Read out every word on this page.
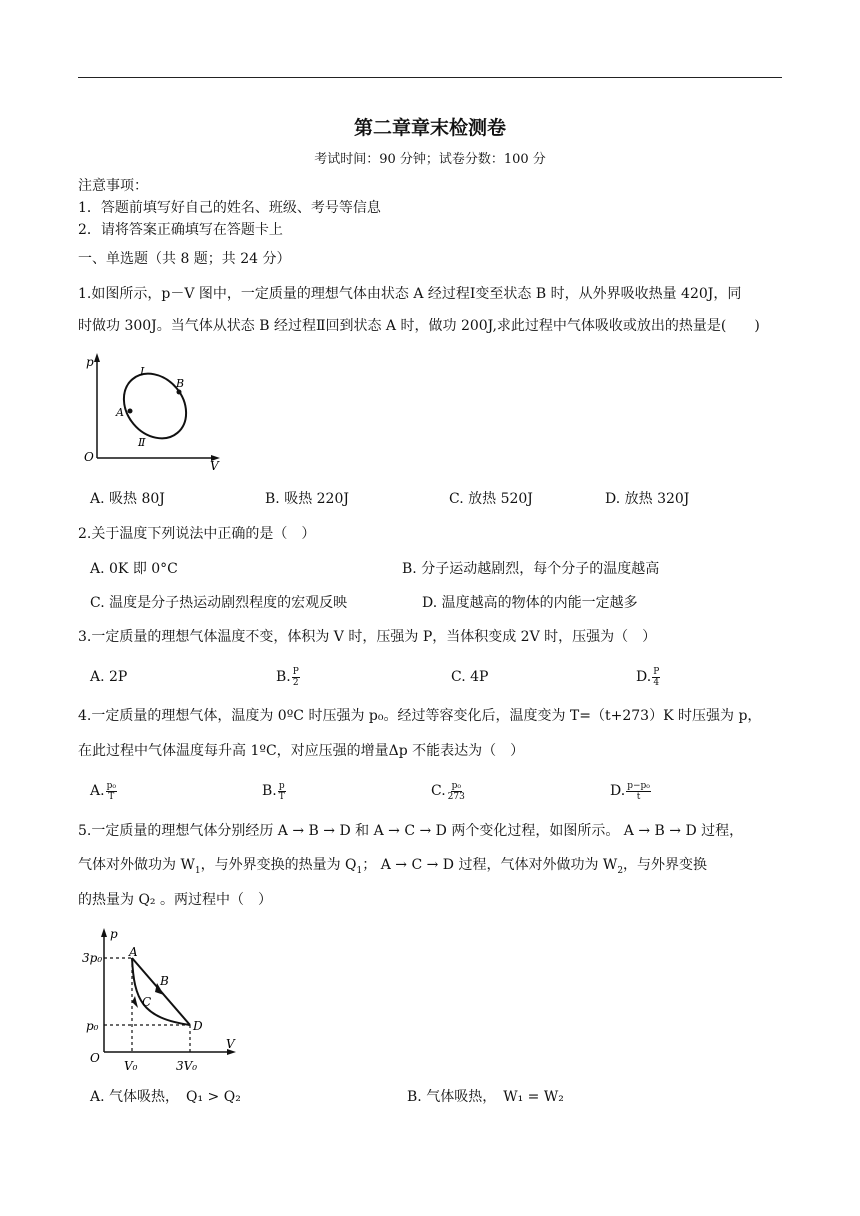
第二章章末检测卷
考试时间：90 分钟；试卷分数：100 分
注意事项：
1．答题前填写好自己的姓名、班级、考号等信息
2．请将答案正确填写在答题卡上
一、单选题（共 8 题；共 24 分）
1.如图所示，p－V 图中，一定质量的理想气体由状态 A 经过程Ⅰ变至状态 B 时，从外界吸收热量 420J，同
时做功 300J。当气体从状态 B 经过程Ⅱ回到状态 A 时，做功 200J,求此过程中气体吸收或放出的热量是(　　)
p
V
O
A
B
Ⅰ
Ⅱ
A. 吸热 80J	B. 吸热 220J	C. 放热 520J	D. 放热 320J
2.关于温度下列说法中正确的是（　）
A. 0K 即 0°C	B. 分子运动越剧烈，每个分子的温度越高
C. 温度是分子热运动剧烈程度的宏观反映	D. 温度越高的物体的内能一定越多
3.一定质量的理想气体温度不变，体积为 V 时，压强为 P，当体积变成 2V 时，压强为（　）
A. 2P	B. $\frac{P}{2}$	C. 4P	D. $\frac{P}{4}$
4.一定质量的理想气体，温度为 0ºC 时压强为 p₀。经过等容变化后，温度变为 T=（t+273）K 时压强为 p，
在此过程中气体温度每升高 1ºC，对应压强的增量Δp 不能表达为（　）
A. $\frac{\text{p₀}}{T}$	B. $\frac{p}{T}$	C. $\frac{\text{p₀}}{273}$	D. $\frac{\text{p−p₀}}{t}$
5.一定质量的理想气体分别经历 A → B → D 和 A → C → D 两个变化过程，如图所示。 A → B → D 过程，
气体对外做功为 $W_1$，与外界变换的热量为 $Q_1$； A → C → D 过程，气体对外做功为 $W_2$，与外界变换
的热量为 Q₂ 。两过程中（　）
3p₀
p₀
V₀	3V₀
p
V
O
A
B
C
D
A. 气体吸热，　Q₁ > Q₂	B. 气体吸热，　W₁ = W₂
